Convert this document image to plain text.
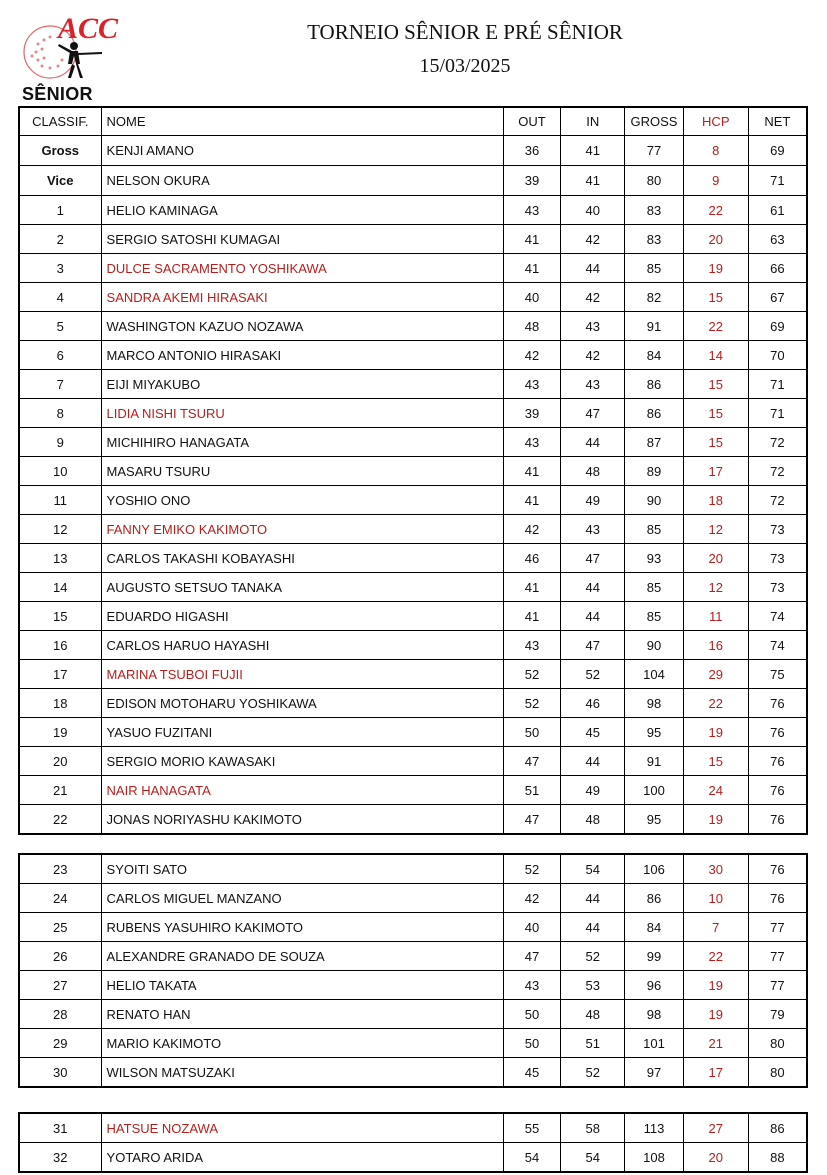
ACC	TORNEIO SÊNIOR E PRÉ SÊNIOR
15/03/2025
SÊNIOR
CLASSIF.	NOME	OUT	IN	GROSS	HCP	NET
Gross	KENJI AMANO	36	41	77	8	69
Vice	NELSON OKURA	39	41	80	9	71
1	HELIO KAMINAGA	43	40	83	22	61
2	SERGIO SATOSHI KUMAGAI	41	42	83	20	63
3	DULCE SACRAMENTO YOSHIKAWA	41	44	85	19	66
4	SANDRA AKEMI HIRASAKI	40	42	82	15	67
5	WASHINGTON KAZUO NOZAWA	48	43	91	22	69
6	MARCO ANTONIO HIRASAKI	42	42	84	14	70
7	EIJI MIYAKUBO	43	43	86	15	71
8	LIDIA NISHI TSURU	39	47	86	15	71
9	MICHIHIRO HANAGATA	43	44	87	15	72
10	MASARU TSURU	41	48	89	17	72
11	YOSHIO ONO	41	49	90	18	72
12	FANNY EMIKO KAKIMOTO	42	43	85	12	73
13	CARLOS TAKASHI KOBAYASHI	46	47	93	20	73
14	AUGUSTO SETSUO TANAKA	41	44	85	12	73
15	EDUARDO HIGASHI	41	44	85	11	74
16	CARLOS HARUO HAYASHI	43	47	90	16	74
17	MARINA TSUBOI FUJII	52	52	104	29	75
18	EDISON MOTOHARU YOSHIKAWA	52	46	98	22	76
19	YASUO FUZITANI	50	45	95	19	76
20	SERGIO MORIO KAWASAKI	47	44	91	15	76
21	NAIR HANAGATA	51	49	100	24	76
22	JONAS NORIYASHU KAKIMOTO	47	48	95	19	76
23	SYOITI SATO	52	54	106	30	76
24	CARLOS MIGUEL MANZANO	42	44	86	10	76
25	RUBENS YASUHIRO KAKIMOTO	40	44	84	7	77
26	ALEXANDRE GRANADO DE SOUZA	47	52	99	22	77
27	HELIO TAKATA	43	53	96	19	77
28	RENATO HAN	50	48	98	19	79
29	MARIO KAKIMOTO	50	51	101	21	80
30	WILSON MATSUZAKI	45	52	97	17	80
31	HATSUE NOZAWA	55	58	113	27	86
32	YOTARO ARIDA	54	54	108	20	88
